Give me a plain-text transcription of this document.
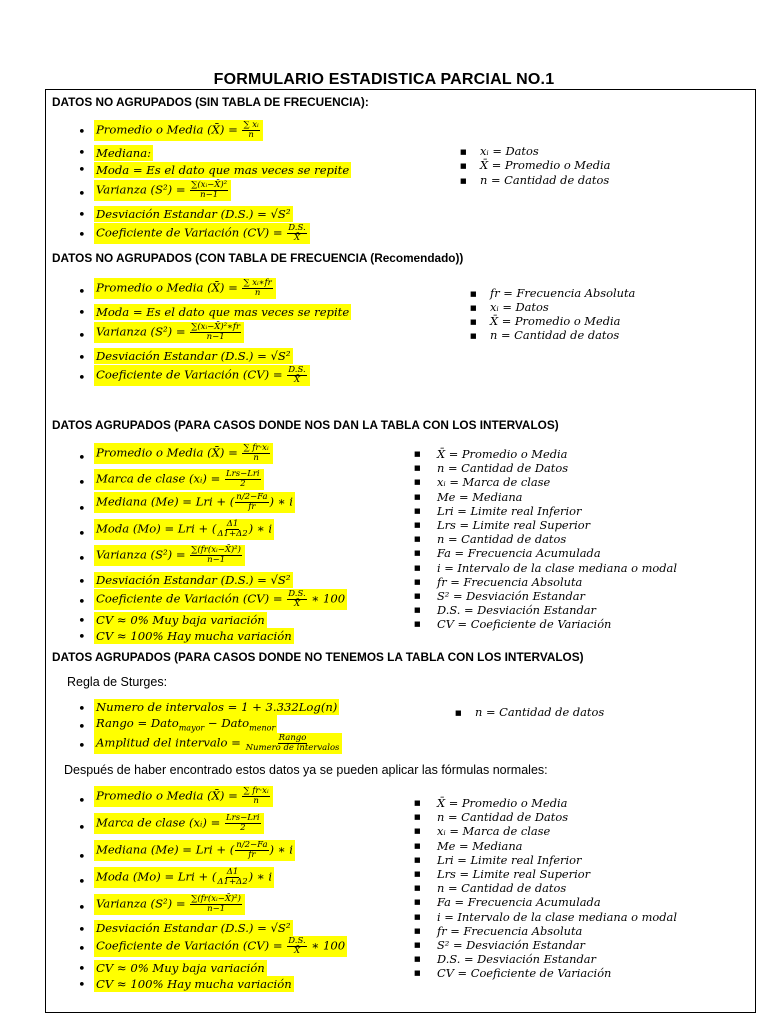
FORMULARIO ESTADISTICA PARCIAL NO.1
DATOS NO AGRUPADOS (SIN TABLA DE FRECUENCIA):
• Promedio o Media (X̄) = $\frac{\text{∑ xᵢ}}{n}$
• Mediana:
• Moda = Es el dato que mas veces se repite
• Varianza $(S^2) = \frac{\text{∑(xᵢ−X̄)²}}{n-1}$
• Desviación Estandar (D.S.) = √S²
• Coeficiente de Variación $(CV) = \frac{D.S.}{X̄}$
■ xᵢ = Datos
■ X̄ = Promedio o Media
■ n = Cantidad de datos
DATOS NO AGRUPADOS (CON TABLA DE FRECUENCIA (Recomendado))
• Promedio o Media (X̄) = $\frac{\text{∑ xᵢ∗fr}}{n}$
• Moda = Es el dato que mas veces se repite
• Varianza $(S^2) = \frac{\text{∑(xᵢ−X̄)²∗fr}}{n-1}$
• Desviación Estandar (D.S.) = √S²
• Coeficiente de Variación $(CV) = \frac{D.S.}{X̄}$
■ fr = Frecuencia Absoluta
■ xᵢ = Datos
■ X̄ = Promedio o Media
■ n = Cantidad de datos
DATOS AGRUPADOS (PARA CASOS DONDE NOS DAN LA TABLA CON LOS INTERVALOS)
• Promedio o Media (X̄) = $\frac{\text{∑ fr·xᵢ}}{n}$
• Marca de clase (xᵢ) = $\frac{\text{Lrs−Lri}}{2}$
•
Mediana (Me) = Lri + ( $\frac{n/2-Fa}{fr}$ ) ∗ i
• Moda (Mo) = Lri + ( $\frac{\Delta 1}{\Delta 1+\Delta 2}$ ) ∗ i
• Varianza $(S^2) = \frac{\text{∑(fr(xᵢ−X̄)²)}}{n-1}$
• Desviación Estandar (D.S.) = √S²
• Coeficiente de Variación $(CV) = \frac{D.S.}{X̄}$ ∗ 100
• CV ≈ 0% Muy baja variación
• CV ≈ 100% Hay mucha variación
■ X̄ = Promedio o Media
■ n = Cantidad de Datos
■ xᵢ = Marca de clase
■ Me = Mediana
■ Lri = Limite real Inferior
■ Lrs = Limite real Superior
■ n = Cantidad de datos
■ Fa = Frecuencia Acumulada
■ i = Intervalo de la clase mediana o modal
■ fr = Frecuencia Absoluta
■ S² = Desviación Estandar
■ D.S. = Desviación Estandar
■ CV = Coeficiente de Variación
DATOS AGRUPADOS (PARA CASOS DONDE NO TENEMOS LA TABLA CON LOS INTERVALOS)
Regla de Sturges:
• Numero de intervalos = 1 + 3.332Log(n)
• Rango = Dato$_{mayor}$ − Dato$_{menor}$
• Amplitud del intervalo = $\frac{\text{Rango}}{\text{Numero de intervalos}}$
■ n = Cantidad de datos
Después de haber encontrado estos datos ya se pueden aplicar las fórmulas normales:
• Promedio o Media (X̄) = $\frac{\text{∑ fr·xᵢ}}{n}$
• Marca de clase (xᵢ) = $\frac{\text{Lrs−Lri}}{2}$
•
Mediana (Me) = Lri + ( $\frac{n/2-Fa}{fr}$ ) ∗ i
• Moda (Mo) = Lri + ( $\frac{\Delta 1}{\Delta 1+\Delta 2}$ ) ∗ i
• Varianza $(S^2) = \frac{\text{∑(fr(xᵢ−X̄)²)}}{n-1}$
• Desviación Estandar (D.S.) = √S²
• Coeficiente de Variación $(CV) = \frac{D.S.}{X̄}$ ∗ 100
• CV ≈ 0% Muy baja variación
• CV ≈ 100% Hay mucha variación
■ X̄ = Promedio o Media
■ n = Cantidad de Datos
■ xᵢ = Marca de clase
■ Me = Mediana
■ Lri = Limite real Inferior
■ Lrs = Limite real Superior
■ n = Cantidad de datos
■ Fa = Frecuencia Acumulada
■ i = Intervalo de la clase mediana o modal
■ fr = Frecuencia Absoluta
■ S² = Desviación Estandar
■ D.S. = Desviación Estandar
■ CV = Coeficiente de Variación
